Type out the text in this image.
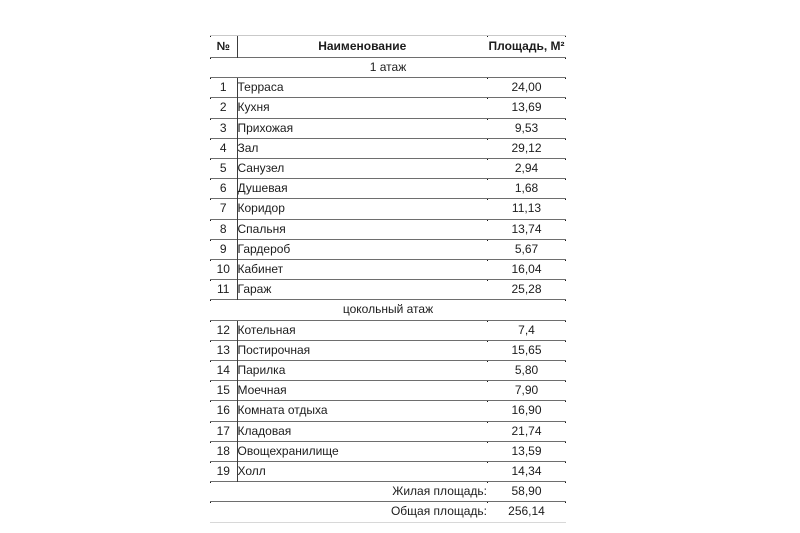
№	Наименование	Площадь, М²
1 атаж		
1	Терраса	24,00
2	Кухня	13,69
3	Прихожая	9,53
4	Зал	29,12
5	Санузел	2,94
6	Душевая	1,68
7	Коридор	11,13
8	Спальня	13,74
9	Гардероб	5,67
10	Кабинет	16,04
11	Гараж	25,28
цокольный атаж		
12	Котельная	7,4
13	Постирочная	15,65
14	Парилка	5,80
15	Моечная	7,90
16	Комната отдыха	16,90
17	Кладовая	21,74
18	Овощехранилище	13,59
19	Холл	14,34
Жилая площадь:		58,90
Общая площадь:		256,14
